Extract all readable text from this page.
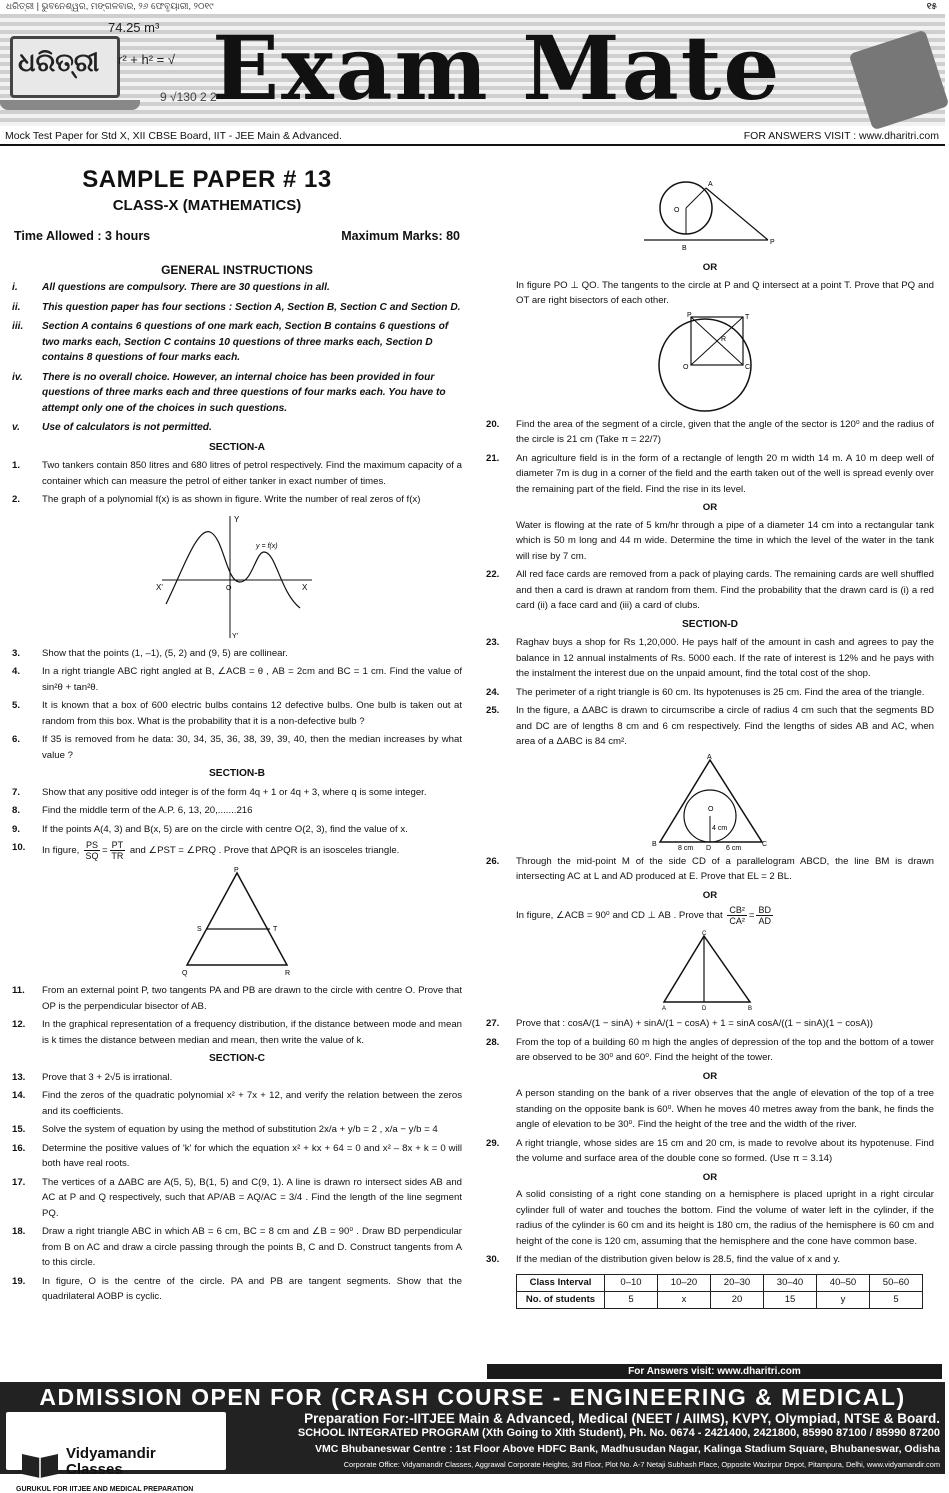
ଧରିତ୍ରୀ | ଭୁବନେଶ୍ୱର, ମଙ୍ଗଳବାର, ୨୬ ଫେବୃୟାରୀ, ୨୦୧୯	୧୫
ଧରିତ୍ରୀ
74.25 m³
r² + h² = √
9 √130 2 2
Exam Mate
Mock Test Paper for Std X, XII CBSE Board, IIT - JEE Main & Advanced.	FOR ANSWERS VISIT : www.dharitri.com
SAMPLE PAPER # 13
CLASS-X (MATHEMATICS)
Time Allowed : 3 hours	Maximum Marks: 80
GENERAL INSTRUCTIONS
i.	All questions are compulsory. There are 30 questions in all.
ii.	This question paper has four sections : Section A, Section B, Section C and Section D.
iii.	Section A contains 6 questions of one mark each, Section B contains 6 questions of two marks each, Section C contains 10 questions of three marks each, Section D contains 8 questions of four marks each.
iv.	There is no overall choice. However, an internal choice has been provided in four questions of three marks each and three questions of four marks each. You have to attempt only one of the choices in such questions.
v.	Use of calculators is not permitted.
SECTION-A
1.	Two tankers contain 850 litres and 680 litres of petrol respectively. Find the maximum capacity of a container which can measure the petrol of either tanker in exact number of times.
2.	The graph of a polynomial f(x) is as shown in figure. Write the number of real zeros of f(x)
Y
Y'
X
X'	O
y = f(x)
3.	Show that the points (1, –1), (5, 2) and (9, 5) are collinear.
4.	In a right triangle ABC right angled at B, ∠ACB = θ , AB = 2cm and BC = 1 cm. Find the value of sin²θ + tan²θ.
5.	It is known that a box of 600 electric bulbs contains 12 defective bulbs. One bulb is taken out at random from this box. What is the probability that it is a non-defective bulb ?
6.	If 35 is removed from he data: 30, 34, 35, 36, 38, 39, 39, 40, then the median increases by what value ?
SECTION-B
7.	Show that any positive odd integer is of the form 4q + 1 or 4q + 3, where q is some integer.
8.	Find the middle term of the A.P. 6, 13, 20,.......216
9.	If the points A(4, 3) and B(x, 5) are on the circle with centre O(2, 3), find the value of x.
10.	In figure, $\frac{PS}{SQ} = \frac{PT}{TR}$ and ∠PST = ∠PRQ . Prove that ΔPQR is an isosceles triangle.
P
S	T
Q	R
11.	From an external point P, two tangents PA and PB are drawn to the circle with centre O. Prove that OP is the perpendicular bisector of AB.
12.	In the graphical representation of a frequency distribution, if the distance between mode and mean is k times the distance between median and mean, then write the value of k.
SECTION-C
13.	Prove that 3 + 2√5 is irrational.
14.	Find the zeros of the quadratic polynomial x² + 7x + 12, and verify the relation between the zeros and its coefficients.
15.	Solve the system of equation by using the method of substitution 2x/a + y/b = 2 , x/a − y/b = 4
16.	Determine the positive values of 'k' for which the equation x² + kx + 64 = 0 and x² – 8x + k = 0 will both have real roots.
17.	The vertices of a ΔABC are A(5, 5), B(1, 5) and C(9, 1). A line is drawn ro intersect sides AB and AC at P and Q respectively, such that AP/AB = AQ/AC = 3/4 . Find the length of the line segment PQ.
18.	Draw a right triangle ABC in which AB = 6 cm, BC = 8 cm and ∠B = 90⁰ . Draw BD perpendicular from B on AC and draw a circle passing through the points B, C and D. Construct tangents from A to this circle.
19.	In figure, O is the centre of the circle. PA and PB are tangent segments. Show that the quadrilateral AOBP is cyclic.
A
O
B
P
OR
In figure PO ⊥ QO. The tangents to the circle at P and Q intersect at a point T. Prove that PQ and OT are right bisectors of each other.
P	T
R
O	C
20.	Find the area of the segment of a circle, given that the angle of the sector is 120⁰ and the radius of the circle is 21 cm (Take π = 22/7)
21.	An agriculture field is in the form of a rectangle of length 20 m width 14 m. A 10 m deep well of diameter 7m is dug in a corner of the field and the earth taken out of the well is spread evenly over the remaining part of the field. Find the rise in its level.
OR
Water is flowing at the rate of 5 km/hr through a pipe of a diameter 14 cm into a rectangular tank which is 50 m long and 44 m wide. Determine the time in which the level of the water in the tank will rise by 7 cm.
22.	All red face cards are removed from a pack of playing cards. The remaining cards are well shuffled and then a card is drawn at random from them. Find the probability that the drawn card is (i) a red card (ii) a face card and (iii) a card of clubs.
SECTION-D
23.	Raghav buys a shop for Rs 1,20,000. He pays half of the amount in cash and agrees to pay the balance in 12 annual instalments of Rs. 5000 each. If the rate of interest is 12% and he pays with the instalment the interest due on the unpaid amount, find the total cost of the shop.
24.	The perimeter of a right triangle is 60 cm. Its hypotenuses is 25 cm. Find the area of the triangle.
25.	In the figure, a ΔABC is drawn to circumscribe a circle of radius 4 cm such that the segments BD and DC are of lengths 8 cm and 6 cm respectively. Find the lengths of sides AB and AC, when area of a ΔABC is 84 cm².
A
O
4 cm
B
D
C
8 cm	6 cm
26.	Through the mid-point M of the side CD of a parallelogram ABCD, the line BM is drawn intersecting AC at L and AD produced at E. Prove that EL = 2 BL.
OR
In figure, ∠ACB = 90⁰ and CD ⊥ AB . Prove that $\frac{\text{CB²}}{\text{CA²}} = \frac{BD}{AD}$
C
A	D	B
27.	Prove that : cosA/(1 − sinA) + sinA/(1 − cosA) + 1 = sinA cosA/((1 − sinA)(1 − cosA))
28.	From the top of a building 60 m high the angles of depression of the top and the bottom of a tower are observed to be 30⁰ and 60⁰. Find the height of the tower.
OR
A person standing on the bank of a river observes that the angle of elevation of the top of a tree standing on the opposite bank is 60⁰. When he moves 40 metres away from the bank, he finds the angle of elevation to be 30⁰. Find the height of the tree and the width of the river.
29.	A right triangle, whose sides are 15 cm and 20 cm, is made to revolve about its hypotenuse. Find the volume and surface area of the double cone so formed. (Use π = 3.14)
OR
A solid consisting of a right cone standing on a hemisphere is placed upright in a right circular cylinder full of water and touches the bottom. Find the volume of water left in the cylinder, if the radius of the cylinder is 60 cm and its height is 180 cm, the radius of the hemisphere is 60 cm and height of the cone is 120 cm, assuming that the hemisphere and the cone have common base.
30.	If the median of the distribution given below is 28.5, find the value of x and y.
Class Interval	0–10	10–20	20–30	30–40	40–50	50–60
No. of students	5	x	20	15	y	5
For Answers visit: www.dharitri.com
ADMISSION OPEN FOR (CRASH COURSE - ENGINEERING & MEDICAL)
Vidyamandir Classes
GURUKUL FOR IITJEE AND MEDICAL PREPARATION
Preparation For:-IITJEE Main & Advanced, Medical (NEET / AIIMS), KVPY, Olympiad, NTSE & Board.
SCHOOL INTEGRATED PROGRAM (Xth Going to XIth Student), Ph. No. 0674 - 2421400, 2421800, 85990 87100 / 85990 87200
VMC Bhubaneswar Centre : 1st Floor Above HDFC Bank, Madhusudan Nagar, Kalinga Stadium Square, Bhubaneswar, Odisha
Corporate Office: Vidyamandir Classes, Aggrawal Corporate Heights, 3rd Floor, Plot No. A-7 Netaji Subhash Place, Opposite Wazirpur Depot, Pitampura, Delhi, www.vidyamandir.com
